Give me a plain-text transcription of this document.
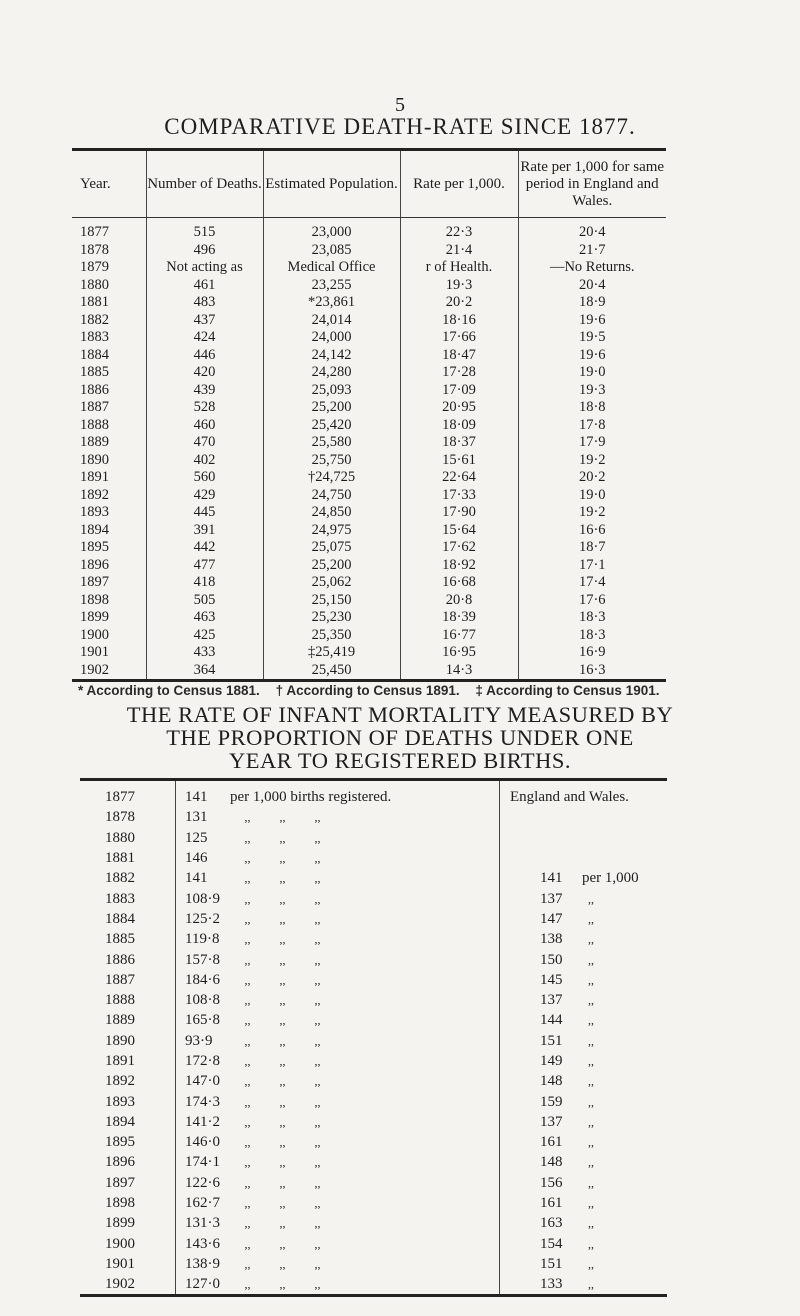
5
COMPARATIVE DEATH-RATE SINCE 1877.
Year.	Number of Deaths.	Estimated Population.	Rate per 1,000.	Rate per 1,000 for same period in England and Wales.
1877	515	23,000	22·3	20·4
1878	496	23,085	21·4	21·7
1879	Not acting as	Medical Office	r of Health.	—No Returns.
1880	461	23,255	19·3	20·4
1881	483	*23,861	20·2	18·9
1882	437	24,014	18·16	19·6
1883	424	24,000	17·66	19·5
1884	446	24,142	18·47	19·6
1885	420	24,280	17·28	19·0
1886	439	25,093	17·09	19·3
1887	528	25,200	20·95	18·8
1888	460	25,420	18·09	17·8
1889	470	25,580	18·37	17·9
1890	402	25,750	15·61	19·2
1891	560	†24,725	22·64	20·2
1892	429	24,750	17·33	19·0
1893	445	24,850	17·90	19·2
1894	391	24,975	15·64	16·6
1895	442	25,075	17·62	18·7
1896	477	25,200	18·92	17·1
1897	418	25,062	16·68	17·4
1898	505	25,150	20·8	17·6
1899	463	25,230	18·39	18·3
1900	425	25,350	16·77	18·3
1901	433	‡25,419	16·95	16·9
1902	364	25,450	14·3	16·3
* According to Census 1881. † According to Census 1891. ‡ According to Census 1901.
THE RATE OF INFANT MORTALITY MEASURED BY
THE PROPORTION OF DEATHS UNDER ONE
YEAR TO REGISTERED BIRTHS.
1877	141 per 1,000 births registered.	England and Wales.
1878	131 ,, ,, ,,	
1880	125 ,, ,, ,,	
1881	146 ,, ,, ,,	
1882	141 ,, ,, ,,	141 per 1,000
1883	108·9 ,, ,, ,,	137 ,,
1884	125·2 ,, ,, ,,	147 ,,
1885	119·8 ,, ,, ,,	138 ,,
1886	157·8 ,, ,, ,,	150 ,,
1887	184·6 ,, ,, ,,	145 ,,
1888	108·8 ,, ,, ,,	137 ,,
1889	165·8 ,, ,, ,,	144 ,,
1890	93·9 ,, ,, ,,	151 ,,
1891	172·8 ,, ,, ,,	149 ,,
1892	147·0 ,, ,, ,,	148 ,,
1893	174·3 ,, ,, ,,	159 ,,
1894	141·2 ,, ,, ,,	137 ,,
1895	146·0 ,, ,, ,,	161 ,,
1896	174·1 ,, ,, ,,	148 ,,
1897	122·6 ,, ,, ,,	156 ,,
1898	162·7 ,, ,, ,,	161 ,,
1899	131·3 ,, ,, ,,	163 ,,
1900	143·6 ,, ,, ,,	154 ,,
1901	138·9 ,, ,, ,,	151 ,,
1902	127·0 ,, ,, ,,	133 ,,
